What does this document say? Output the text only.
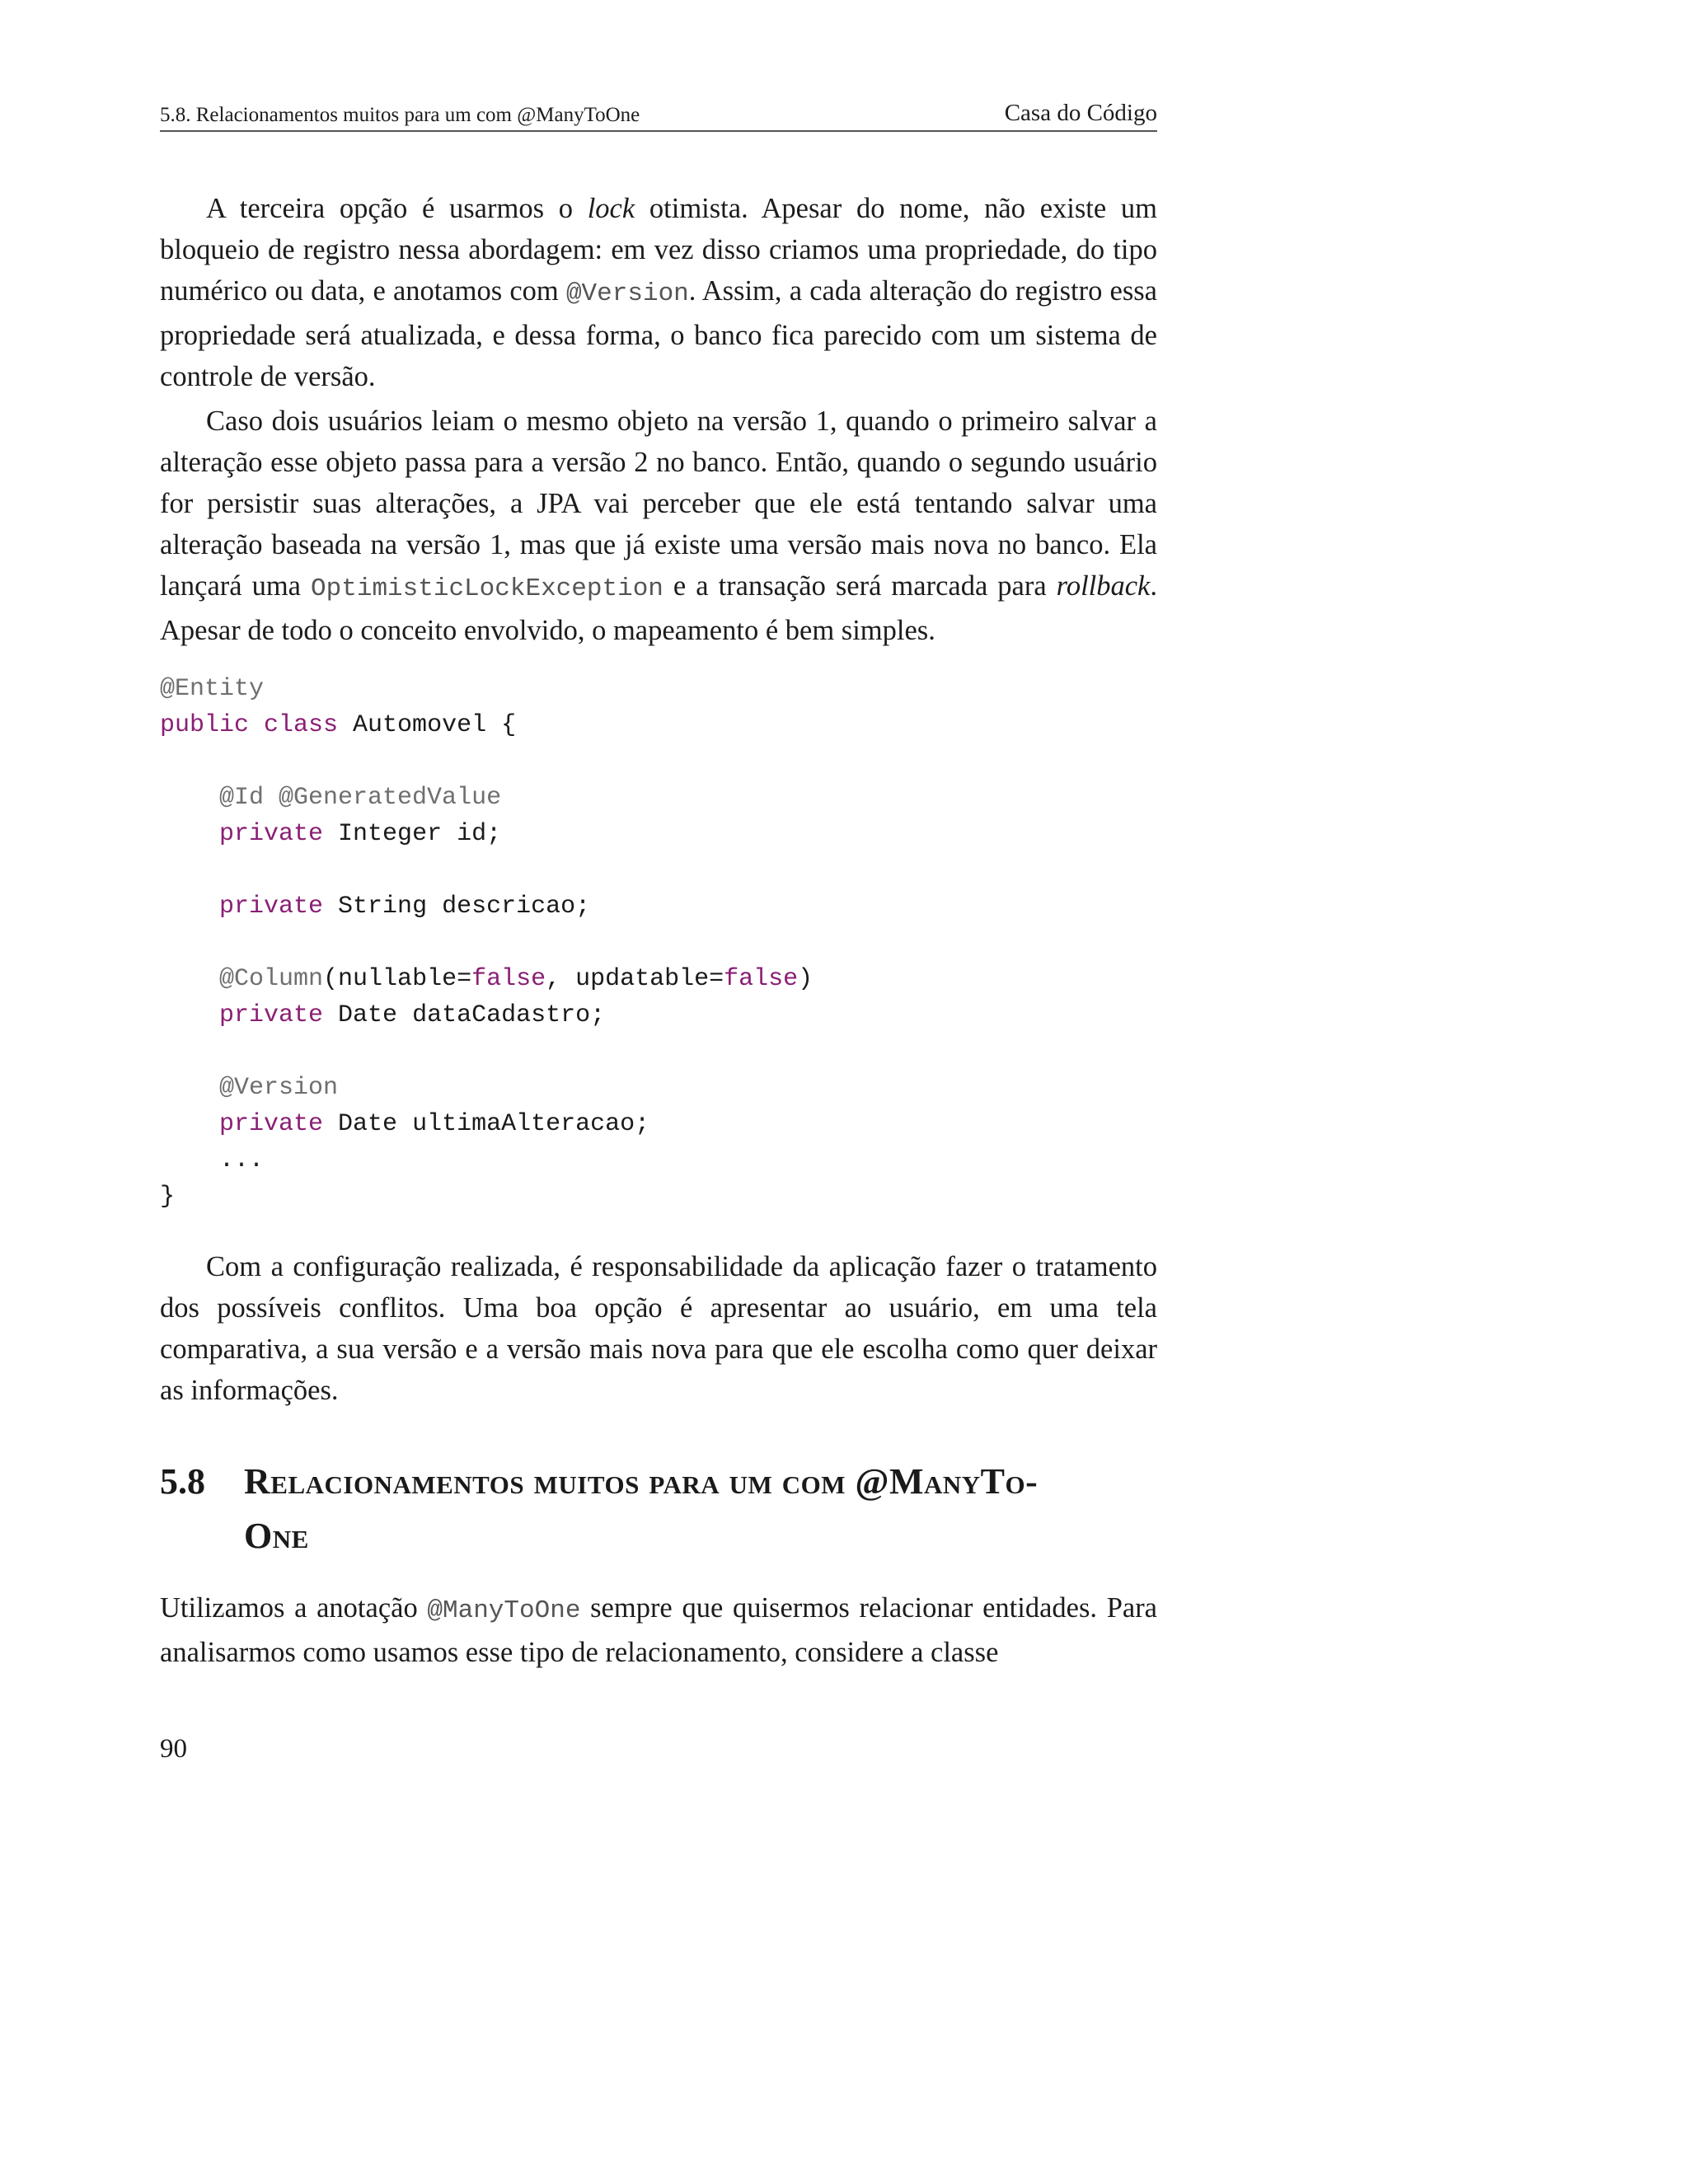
5.8. Relacionamentos muitos para um com @ManyToOne	Casa do Código

A terceira opção é usarmos o lock otimista. Apesar do nome, não existe um bloqueio de registro nessa abordagem: em vez disso criamos uma propriedade, do tipo numérico ou data, e anotamos com @Version. Assim, a cada alteração do registro essa propriedade será atualizada, e dessa forma, o banco fica parecido com um sistema de controle de versão.

Caso dois usuários leiam o mesmo objeto na versão 1, quando o primeiro salvar a alteração esse objeto passa para a versão 2 no banco. Então, quando o segundo usuário for persistir suas alterações, a JPA vai perceber que ele está tentando salvar uma alteração baseada na versão 1, mas que já existe uma versão mais nova no banco. Ela lançará uma OptimisticLockException e a transação será marcada para rollback. Apesar de todo o conceito envolvido, o mapeamento é bem simples.

@Entity
public class Automovel {

@Id @GeneratedValue
private Integer id;

private String descricao;

@Column(nullable=false, updatable=false)
private Date dataCadastro;

@Version
private Date ultimaAlteracao;
...
}

Com a configuração realizada, é responsabilidade da aplicação fazer o tratamento dos possíveis conflitos. Uma boa opção é apresentar ao usuário, em uma tela comparativa, a sua versão e a versão mais nova para que ele escolha como quer deixar as informações.

5.8	Relacionamentos muitos para um com @ManyTo-
One

Utilizamos a anotação @ManyToOne sempre que quisermos relacionar entidades. Para analisarmos como usamos esse tipo de relacionamento, considere a classe

90
